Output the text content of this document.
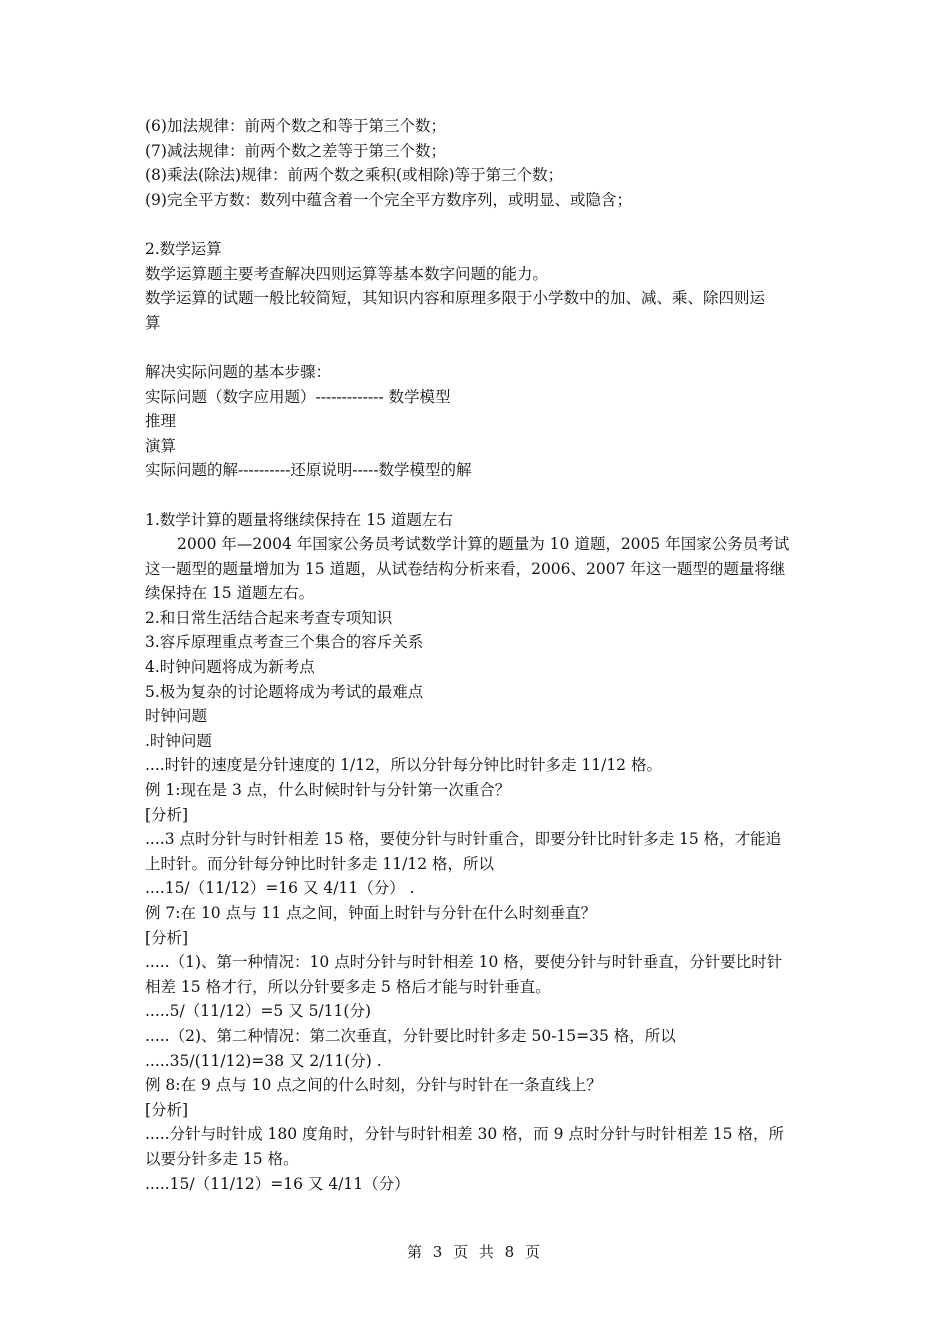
(6)加法规律：前两个数之和等于第三个数；
(7)减法规律：前两个数之差等于第三个数；
(8)乘法(除法)规律：前两个数之乘积(或相除)等于第三个数；
(9)完全平方数：数列中蕴含着一个完全平方数序列，或明显、或隐含；
2.数学运算
数学运算题主要考查解决四则运算等基本数字问题的能力。
数学运算的试题一般比较简短，其知识内容和原理多限于小学数中的加、减、乘、除四则运
算
解决实际问题的基本步骤：
实际问题（数字应用题）------------- 数学模型
推理
演算
实际问题的解----------还原说明-----数学模型的解
1.数学计算的题量将继续保持在 15 道题左右
2000 年—2004 年国家公务员考试数学计算的题量为 10 道题，2005 年国家公务员考试
这一题型的题量增加为 15 道题，从试卷结构分析来看，2006、2007 年这一题型的题量将继
续保持在 15 道题左右。
2.和日常生活结合起来考查专项知识
3.容斥原理重点考查三个集合的容斥关系
4.时钟问题将成为新考点
5.极为复杂的讨论题将成为考试的最难点
时钟问题
.时钟问题
....时针的速度是分针速度的 1/12，所以分针每分钟比时针多走 11/12 格。
例 1:现在是 3 点，什么时候时针与分针第一次重合？
[分析]
....3 点时分针与时针相差 15 格，要使分针与时针重合，即要分针比时针多走 15 格，才能追
上时针。而分针每分钟比时针多走 11/12 格，所以
....15/（11/12）=16 又 4/11（分） .
例 7:在 10 点与 11 点之间，钟面上时针与分针在什么时刻垂直？
[分析]
.....（1)、第一种情况：10 点时分针与时针相差 10 格，要使分针与时针垂直，分针要比时针
相差 15 格才行，所以分针要多走 5 格后才能与时针垂直。
.....5/（11/12）=5 又 5/11(分)
.....（2)、第二种情况：第二次垂直，分针要比时针多走 50-15=35 格，所以
.....35/(11/12)=38 又 2/11(分) .
例 8:在 9 点与 10 点之间的什么时刻，分针与时针在一条直线上？
[分析]
.....分针与时针成 180 度角时，分针与时针相差 30 格，而 9 点时分针与时针相差 15 格，所
以要分针多走 15 格。
.....15/（11/12）=16 又 4/11（分）
第 3 页 共 8 页
